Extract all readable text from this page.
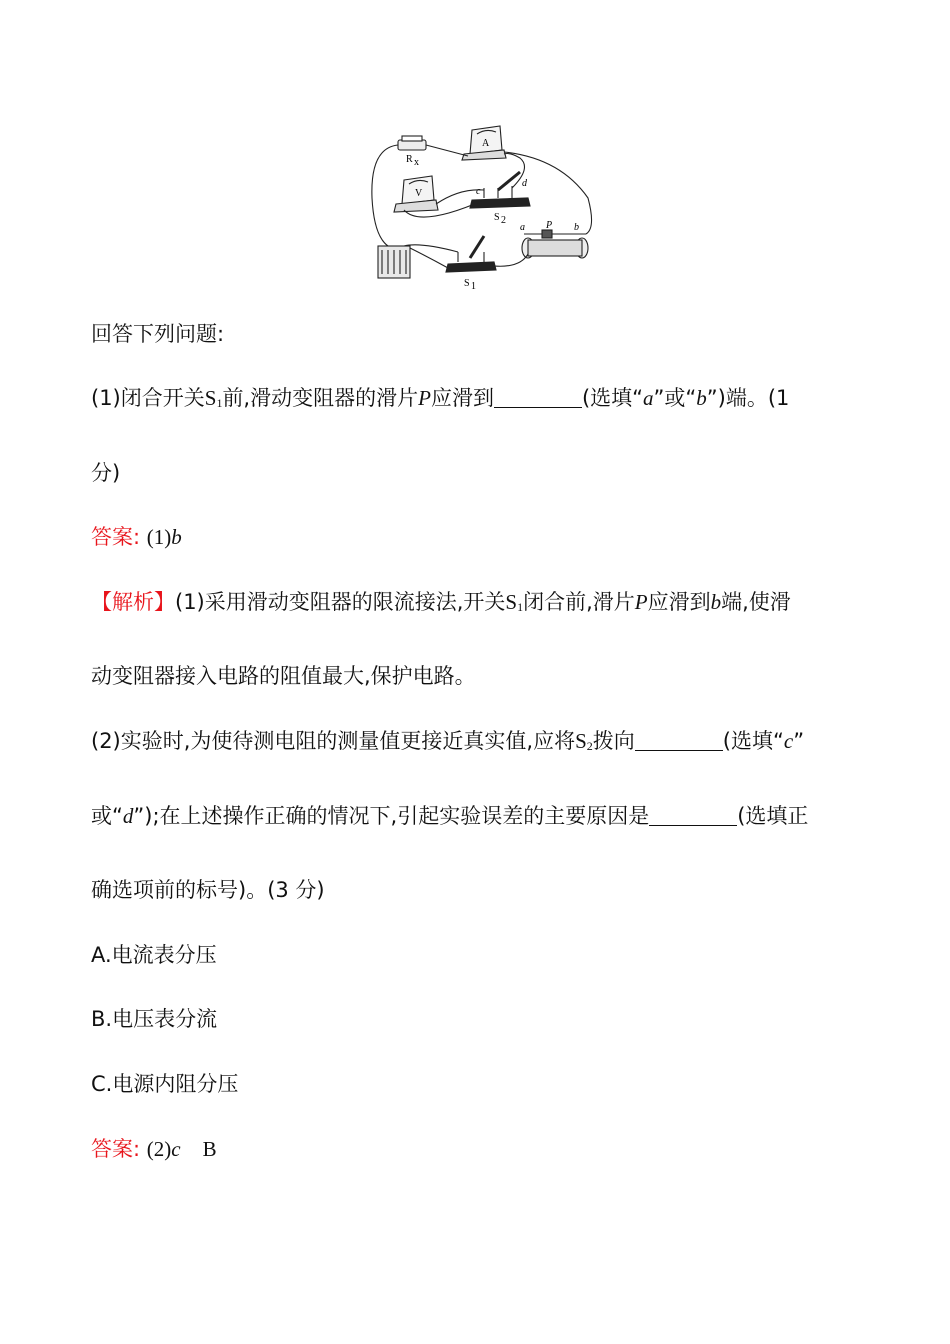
R x
A
V	c
d
S 2
a P b
S 1
回答下列问题:
(1)闭合开关S1前,滑动变阻器的滑片P应滑到	(选填“a”或“b”)端。(1
分)
答案: (1)b
【解析】(1)采用滑动变阻器的限流接法,开关S1闭合前,滑片P应滑到b端,使滑
动变阻器接入电路的阻值最大,保护电路。
(2)实验时,为使待测电阻的测量值更接近真实值,应将S2拨向	(选填“c”
或“d”);在上述操作正确的情况下,引起实验误差的主要原因是	(选填正
确选项前的标号)。(3 分)
A.电流表分压
B.电压表分流
C.电源内阻分压
答案: (2)c B
